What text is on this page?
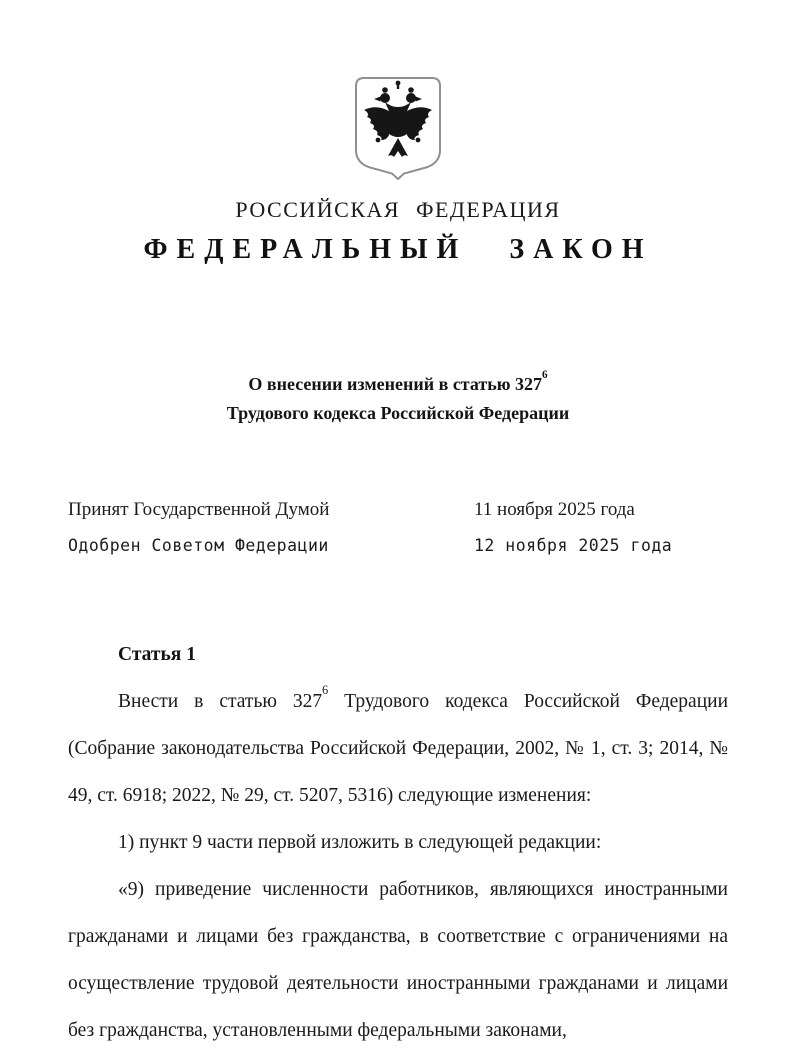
РОССИЙСКАЯ ФЕДЕРАЦИЯ
ФЕДЕРАЛЬНЫЙ ЗАКОН
О внесении изменений в статью $327^6$
Трудового кодекса Российской Федерации
Принят Государственной Думой	11 ноября 2025 года
Одобрен Советом Федерации	12 ноября 2025 года
Статья 1

Внести в статью $327^6$ Трудового кодекса Российской Федерации (Собрание законодательства Российской Федерации, 2002, № 1, ст. 3; 2014, № 49, ст. 6918; 2022, № 29, ст. 5207, 5316) следующие изменения:

1) пункт 9 части первой изложить в следующей редакции:

«9) приведение численности работников, являющихся иностранными гражданами и лицами без гражданства, в соответствие с ограничениями на осуществление трудовой деятельности иностранными гражданами и лицами без гражданства, установленными федеральными законами,
